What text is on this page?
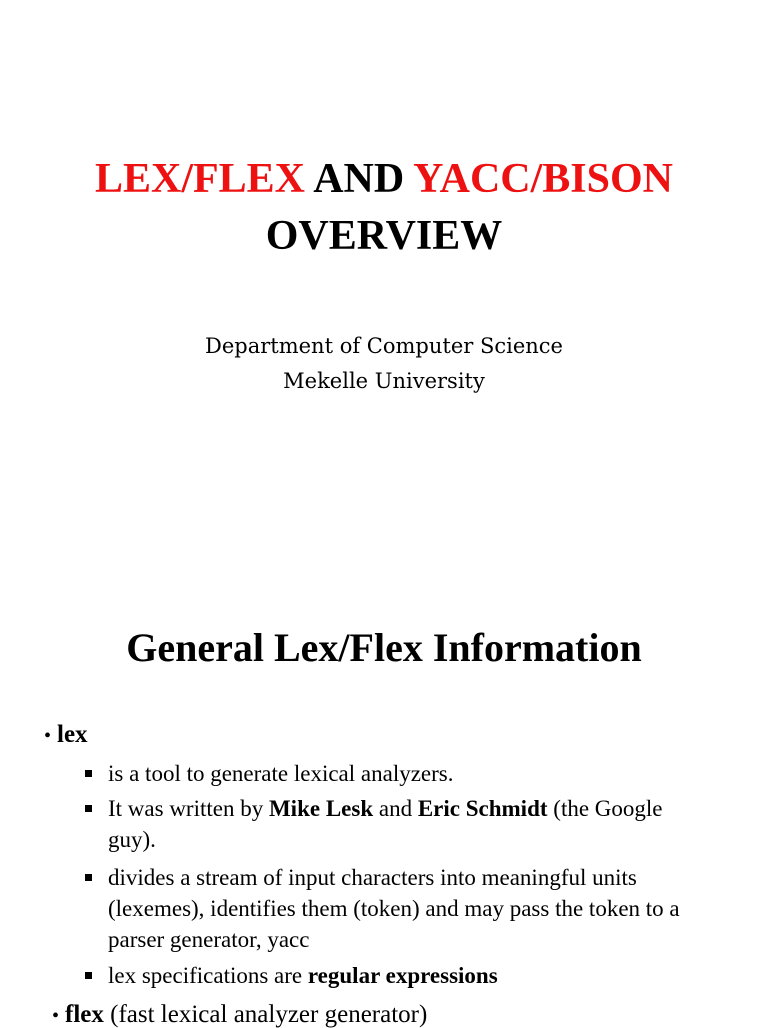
LEX/FLEX AND YACC/BISON
OVERVIEW
Department of Computer Science
Mekelle University
General Lex/Flex Information
• lex
is a tool to generate lexical analyzers.
It was written by Mike Lesk and Eric Schmidt (the Google guy).
divides a stream of input characters into meaningful units (lexemes), identifies them (token) and may pass the token to a parser generator, yacc
lex specifications are regular expressions
• flex (fast lexical analyzer generator)
